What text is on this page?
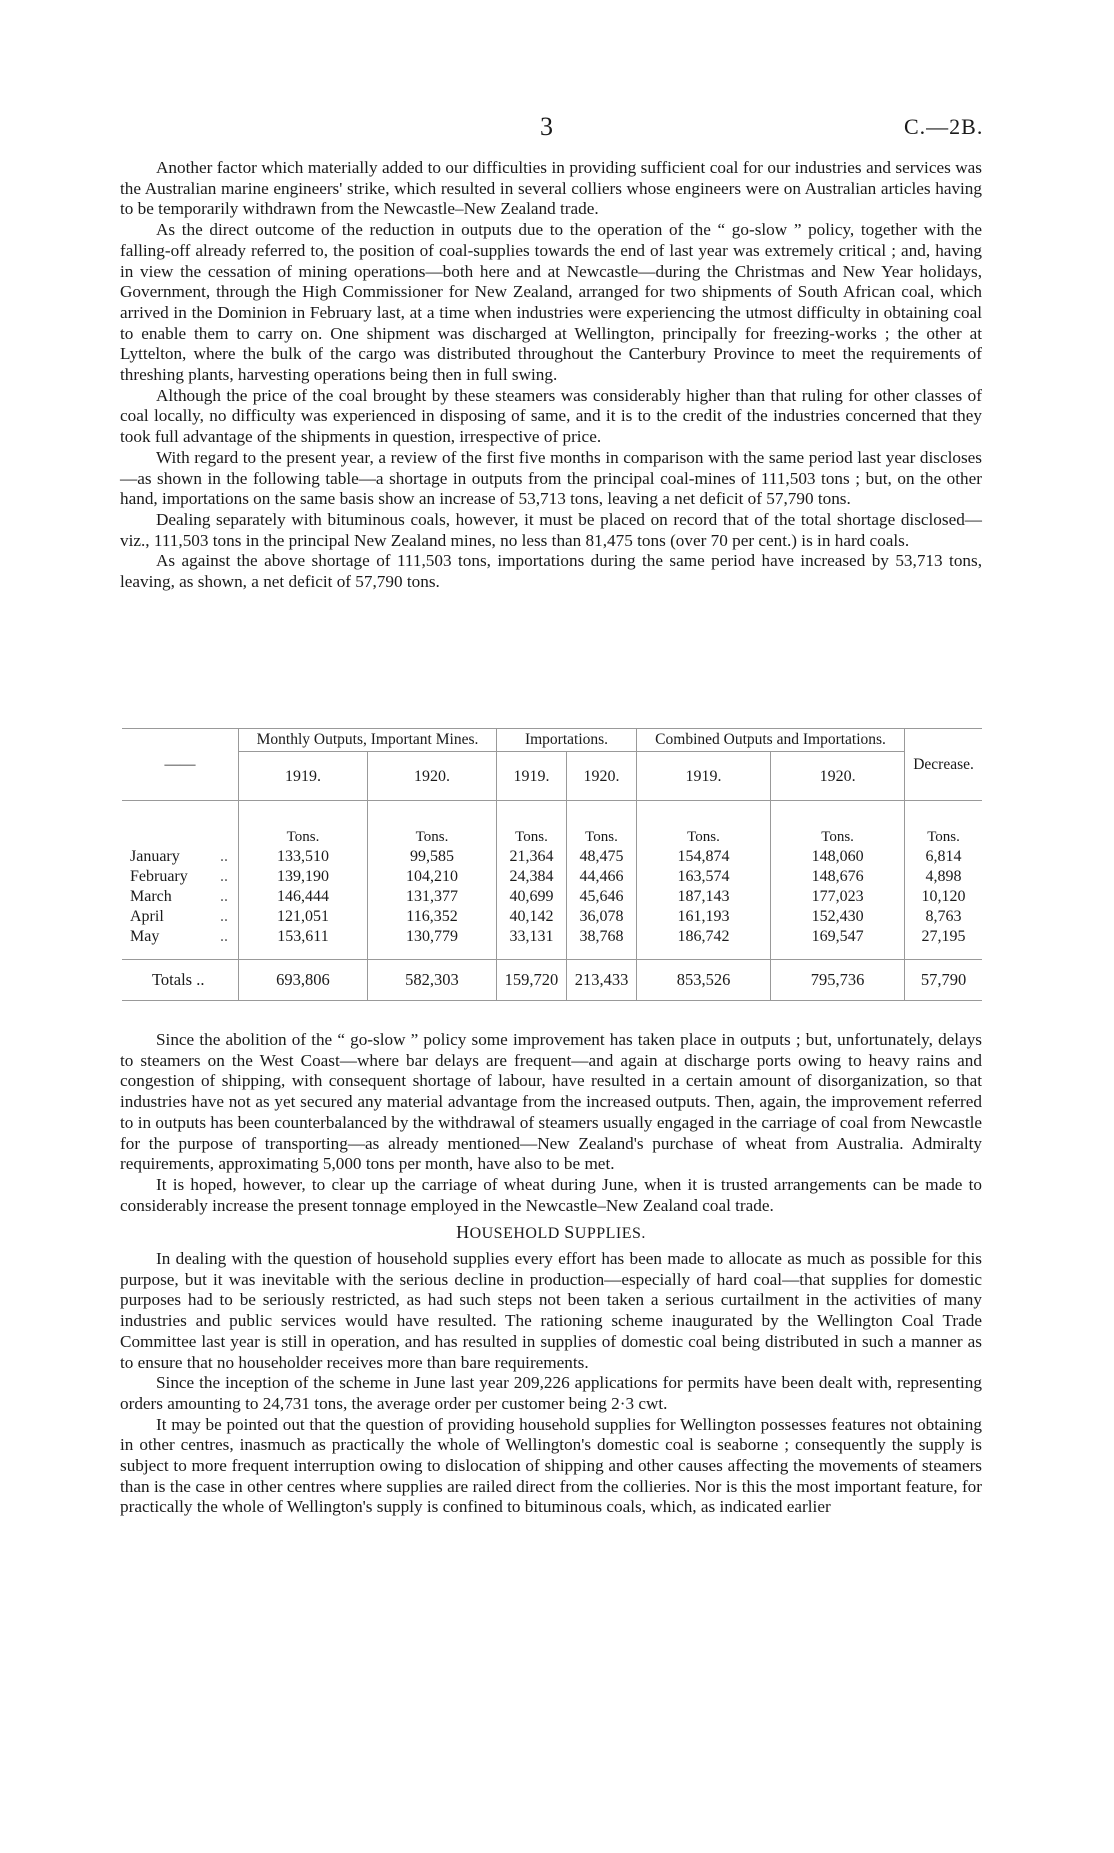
3	C.—2B.

Another factor which materially added to our difficulties in providing sufficient coal for our industries and services was the Australian marine engineers' strike, which resulted in several colliers whose engineers were on Australian articles having to be temporarily withdrawn from the Newcastle–New Zealand trade.

As the direct outcome of the reduction in outputs due to the operation of the “ go-slow ” policy, together with the falling-off already referred to, the position of coal-supplies towards the end of last year was extremely critical ; and, having in view the cessation of mining operations—both here and at Newcastle—during the Christmas and New Year holidays, Government, through the High Commissioner for New Zealand, arranged for two shipments of South African coal, which arrived in the Dominion in February last, at a time when industries were experiencing the utmost difficulty in obtaining coal to enable them to carry on. One shipment was discharged at Wellington, principally for freezing-works ; the other at Lyttelton, where the bulk of the cargo was distributed throughout the Canterbury Province to meet the requirements of threshing plants, harvesting operations being then in full swing.

Although the price of the coal brought by these steamers was considerably higher than that ruling for other classes of coal locally, no difficulty was experienced in disposing of same, and it is to the credit of the industries concerned that they took full advantage of the shipments in question, irrespective of price.

With regard to the present year, a review of the first five months in comparison with the same period last year discloses—as shown in the following table—a shortage in outputs from the principal coal-mines of 111,503 tons ; but, on the other hand, importations on the same basis show an increase of 53,713 tons, leaving a net deficit of 57,790 tons.

Dealing separately with bituminous coals, however, it must be placed on record that of the total shortage disclosed—viz., 111,503 tons in the principal New Zealand mines, no less than 81,475 tons (over 70 per cent.) is in hard coals.

As against the above shortage of 111,503 tons, importations during the same period have increased by 53,713 tons, leaving, as shown, a net deficit of 57,790 tons.

——	Monthly Outputs, Important Mines.		Importations.		Combined Outputs and Importations.		Decrease.
	1919.	1920.	1919.	1920.	1919.	1920.	
	Tons.	Tons.	Tons.	Tons.	Tons.	Tons.	Tons.
January ..	133,510	99,585	21,364	48,475	154,874	148,060	6,814
February ..	139,190	104,210	24,384	44,466	163,574	148,676	4,898
March ..	146,444	131,377	40,699	45,646	187,143	177,023	10,120
April ..	121,051	116,352	40,142	36,078	161,193	152,430	8,763
May ..	153,611	130,779	33,131	38,768	186,742	169,547	27,195
Totals ..	693,806	582,303	159,720	213,433	853,526	795,736	57,790

Since the abolition of the “ go-slow ” policy some improvement has taken place in outputs ; but, unfortunately, delays to steamers on the West Coast—where bar delays are frequent—and again at discharge ports owing to heavy rains and congestion of shipping, with consequent shortage of labour, have resulted in a certain amount of disorganization, so that industries have not as yet secured any material advantage from the increased outputs. Then, again, the improvement referred to in outputs has been counterbalanced by the withdrawal of steamers usually engaged in the carriage of coal from Newcastle for the purpose of transporting—as already mentioned—New Zealand's purchase of wheat from Australia. Admiralty requirements, approximating 5,000 tons per month, have also to be met.

It is hoped, however, to clear up the carriage of wheat during June, when it is trusted arrangements can be made to considerably increase the present tonnage employed in the Newcastle–New Zealand coal trade.

HOUSEHOLD SUPPLIES.

In dealing with the question of household supplies every effort has been made to allocate as much as possible for this purpose, but it was inevitable with the serious decline in production—especially of hard coal—that supplies for domestic purposes had to be seriously restricted, as had such steps not been taken a serious curtailment in the activities of many industries and public services would have resulted. The rationing scheme inaugurated by the Wellington Coal Trade Committee last year is still in operation, and has resulted in supplies of domestic coal being distributed in such a manner as to ensure that no householder receives more than bare requirements.

Since the inception of the scheme in June last year 209,226 applications for permits have been dealt with, representing orders amounting to 24,731 tons, the average order per customer being 2·3 cwt.

It may be pointed out that the question of providing household supplies for Wellington possesses features not obtaining in other centres, inasmuch as practically the whole of Wellington's domestic coal is seaborne ; consequently the supply is subject to more frequent interruption owing to dislocation of shipping and other causes affecting the movements of steamers than is the case in other centres where supplies are railed direct from the collieries. Nor is this the most important feature, for practically the whole of Wellington's supply is confined to bituminous coals, which, as indicated earlier
